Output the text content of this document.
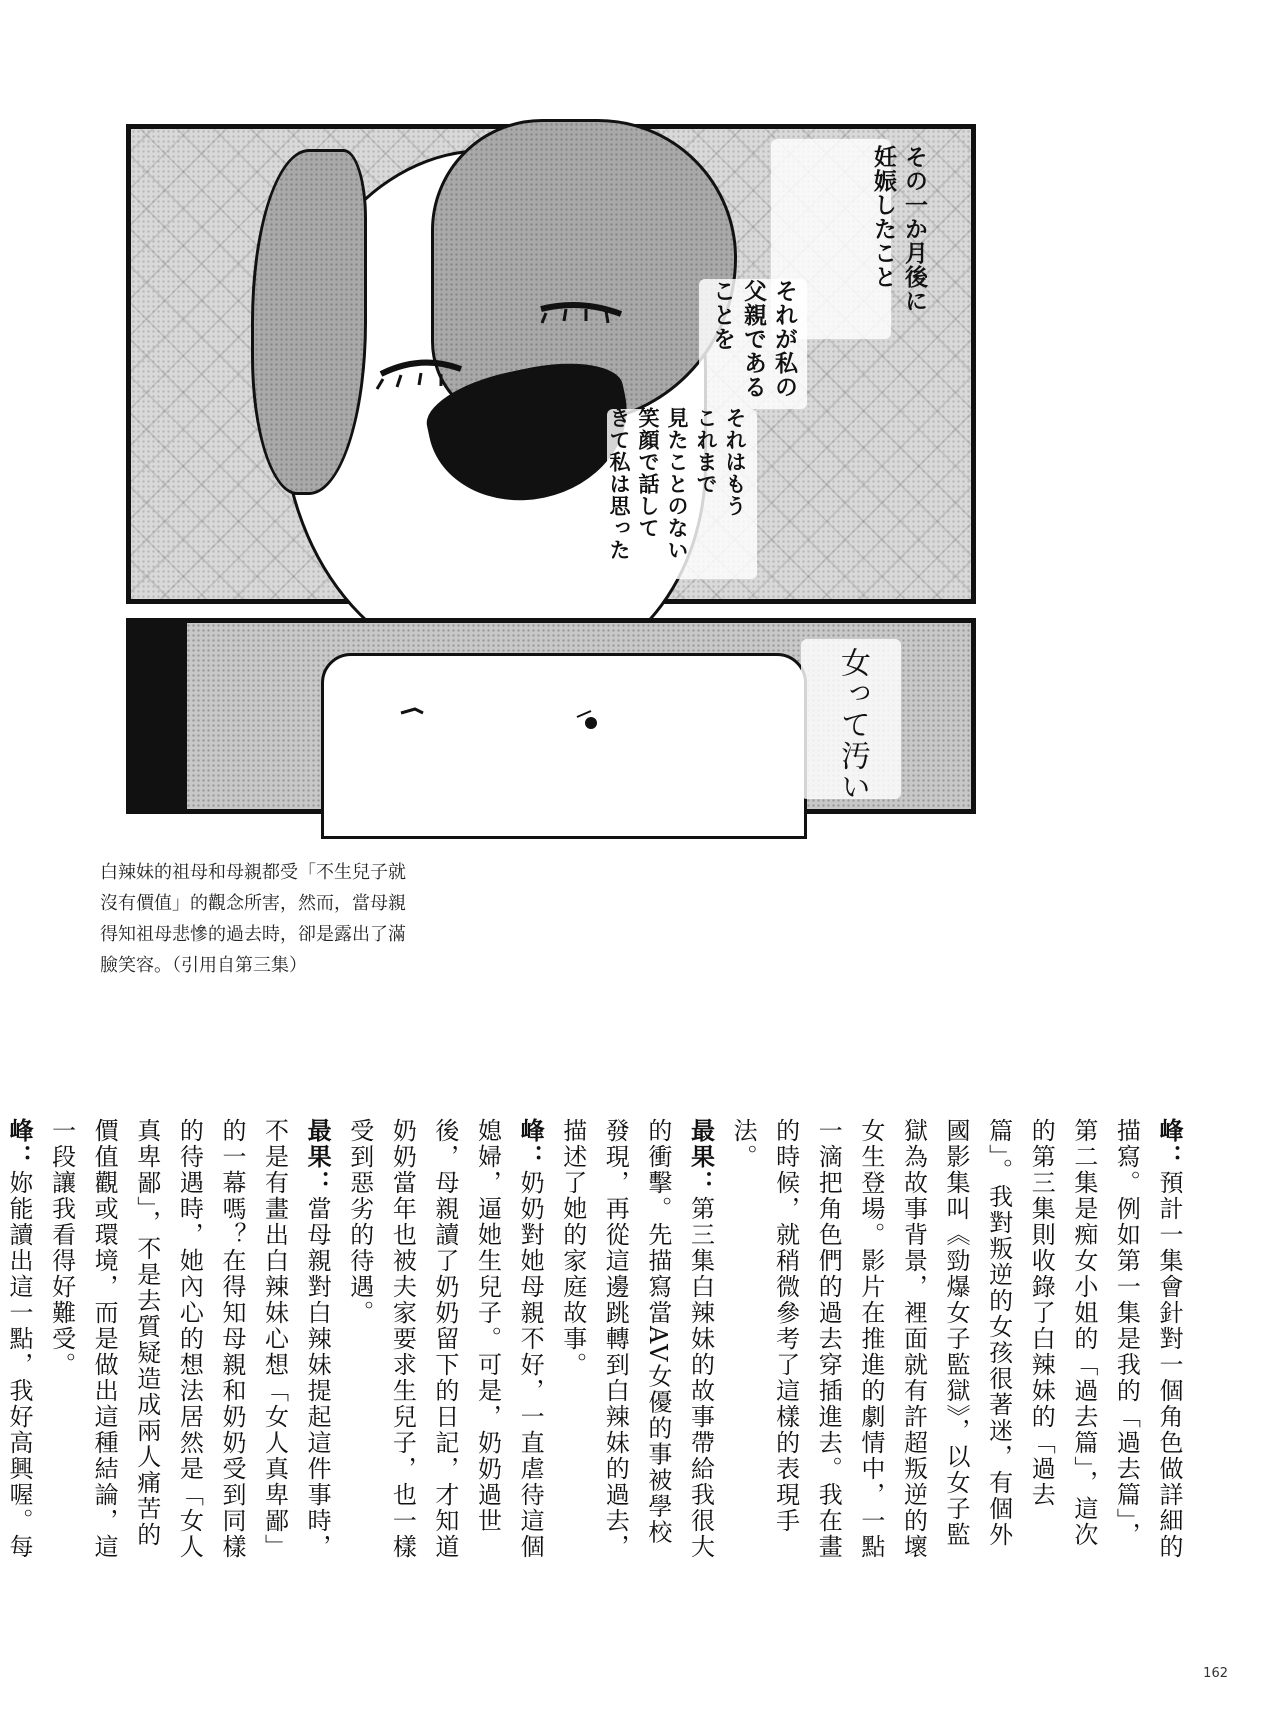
その一か月後に
妊娠したこと
それが私の
父親である
ことを
それはもう
これまで
見たことのない
笑顔で話して
きて私は思った
女って汚い

白辣妹的祖母和母親都受「不生兒子就

沒有價值」的觀念所害，然而，當母親

得知祖母悲慘的過去時，卻是露出了滿

臉笑容。（引用自第三集）

峰：預計一集會針對一個角色做詳細的描寫。例如第一集是我的「過去篇」，第二集是痴女小姐的「過去篇」，這次的第三集則收錄了白辣妹的「過去篇」。我對叛逆的女孩很著迷，有個外國影集叫《勁爆女子監獄》，以女子監獄為故事背景，裡面就有許超叛逆的壞女生登場。影片在推進的劇情中，一點一滴把角色們的過去穿插進去。我在畫的時候，就稍微參考了這樣的表現手法。

最果：第三集白辣妹的故事帶給我很大的衝擊。先描寫當AV女優的事被學校發現，再從這邊跳轉到白辣妹的過去，描述了她的家庭故事。

峰：奶奶對她母親不好，一直虐待這個媳婦，逼她生兒子。可是，奶奶過世後，母親讀了奶奶留下的日記，才知道奶奶當年也被夫家要求生兒子，也一樣受到惡劣的待遇。

最果：當母親對白辣妹提起這件事時，不是有畫出白辣妹心想「女人真卑鄙」的一幕嗎？在得知母親和奶奶受到同樣的待遇時，她內心的想法居然是「女人真卑鄙」，不是去質疑造成兩人痛苦的價值觀或環境，而是做出這種結論，這一段讓我看得好難受。

峰：妳能讀出這一點，我好高興喔。每

162
